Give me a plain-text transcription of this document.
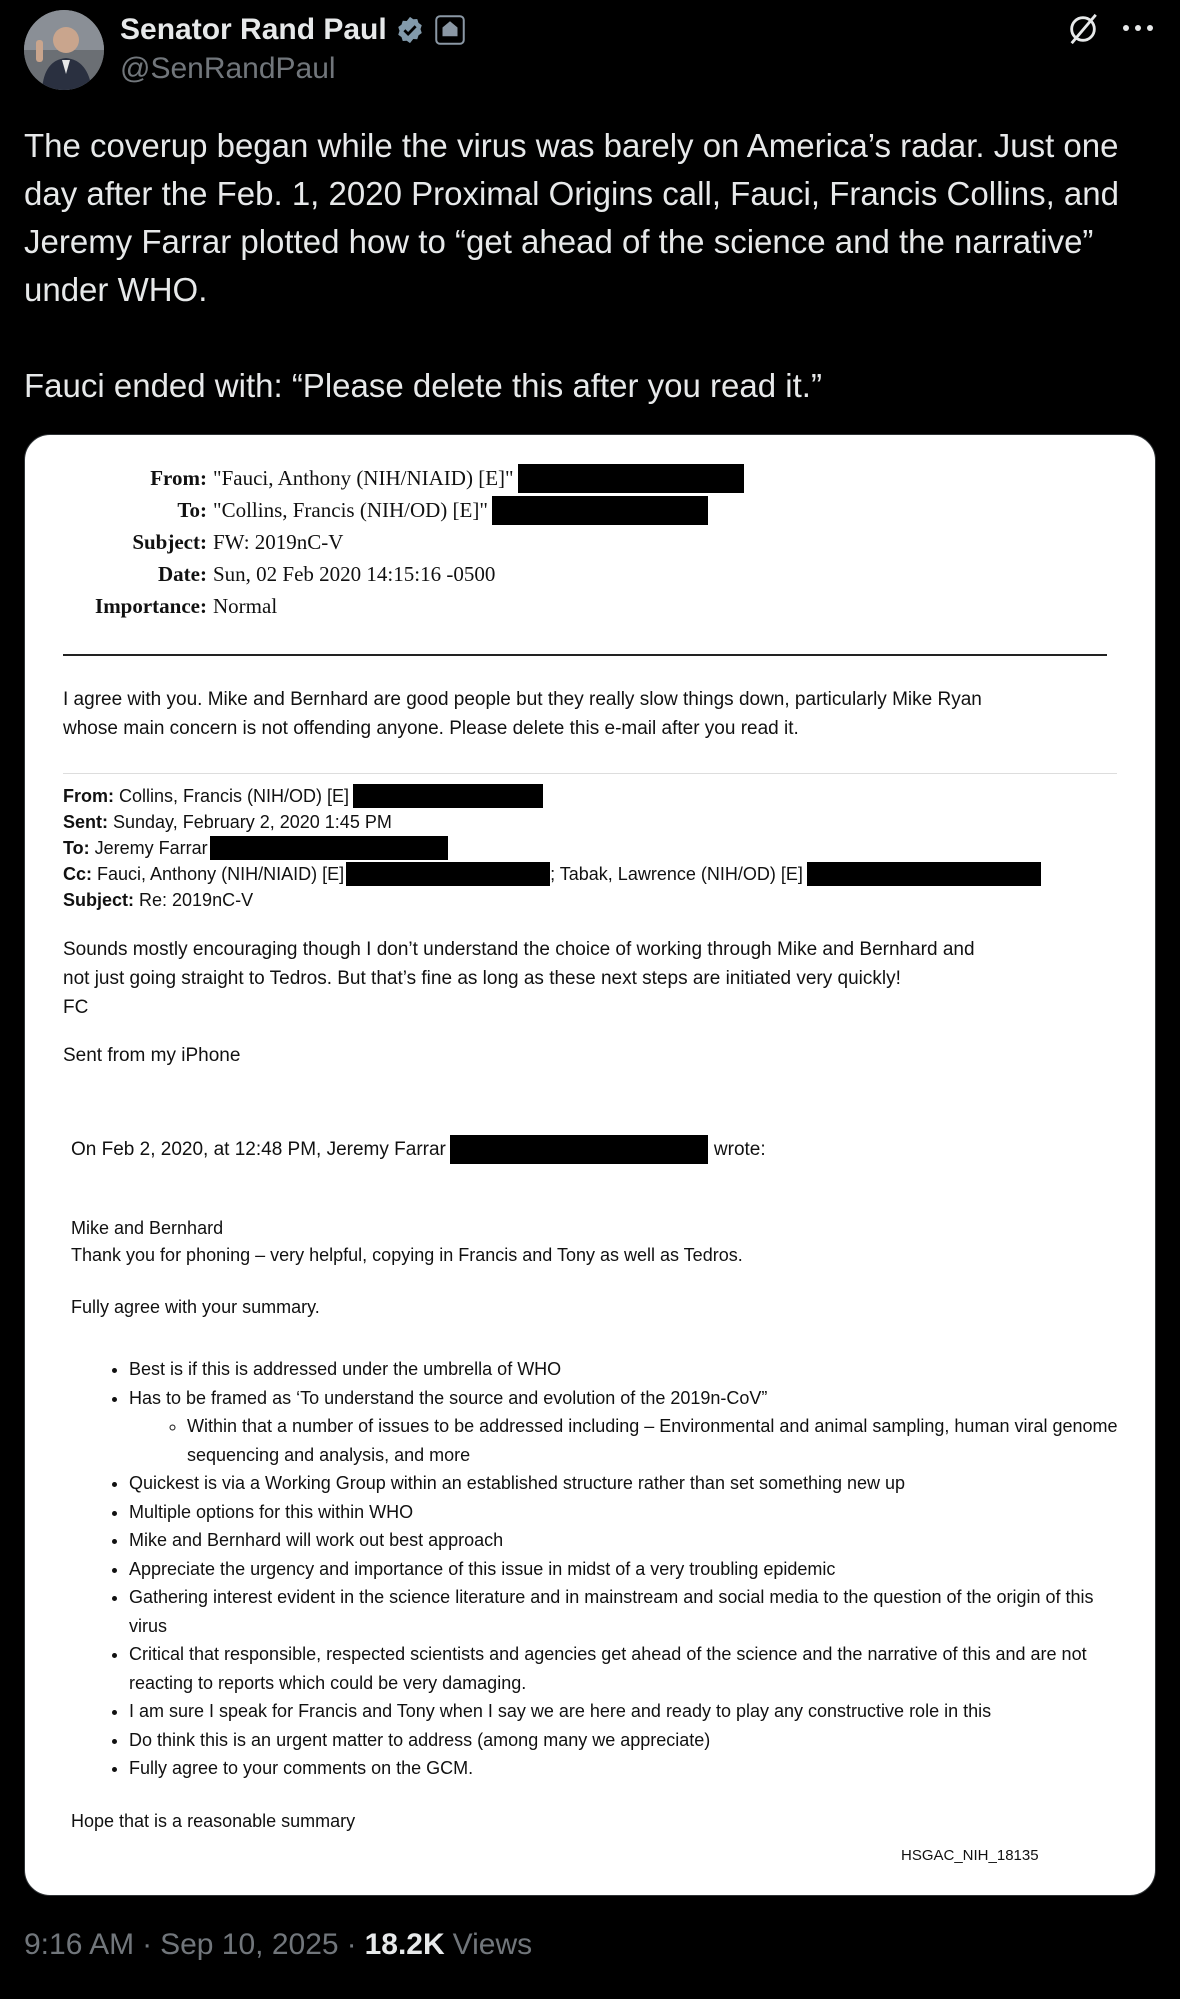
Senator Rand Paul
@SenRandPaul

The coverup began while the virus was barely on America’s radar. Just one day after the Feb. 1, 2020 Proximal Origins call, Fauci, Francis Collins, and Jeremy Farrar plotted how to “get ahead of the science and the narrative” under WHO.

Fauci ended with: “Please delete this after you read it.”

From: "Fauci, Anthony (NIH/NIAID) [E]"
To: "Collins, Francis (NIH/OD) [E]"
Subject: FW: 2019nC-V
Date: Sun, 02 Feb 2020 14:15:16 -0500
Importance: Normal
I agree with you. Mike and Bernhard are good people but they really slow things down, particularly Mike Ryan
whose main concern is not offending anyone. Please delete this e-mail after you read it.
From: Collins, Francis (NIH/OD) [E]
Sent: Sunday, February 2, 2020 1:45 PM
To: Jeremy Farrar
Cc: Fauci, Anthony (NIH/NIAID) [E]	; Tabak, Lawrence (NIH/OD) [E]
Subject: Re: 2019nC-V
Sounds mostly encouraging though I don’t understand the choice of working through Mike and Bernhard and
not just going straight to Tedros. But that’s fine as long as these next steps are initiated very quickly!
FC
Sent from my iPhone
On Feb 2, 2020, at 12:48 PM, Jeremy Farrar	wrote:
Mike and Bernhard
Thank you for phoning – very helpful, copying in Francis and Tony as well as Tedros.
Fully agree with your summary.
• Best is if this is addressed under the umbrella of WHO
• Has to be framed as ‘To understand the source and evolution of the 2019n-CoV”
◦ Within that a number of issues to be addressed including – Environmental and animal sampling, human viral genome sequencing and analysis, and more
• Quickest is via a Working Group within an established structure rather than set something new up
• Multiple options for this within WHO
• Mike and Bernhard will work out best approach
• Appreciate the urgency and importance of this issue in midst of a very troubling epidemic
• Gathering interest evident in the science literature and in mainstream and social media to the question of the origin of this virus
• Critical that responsible, respected scientists and agencies get ahead of the science and the narrative of this and are not reacting to reports which could be very damaging.
• I am sure I speak for Francis and Tony when I say we are here and ready to play any constructive role in this
• Do think this is an urgent matter to address (among many we appreciate)
• Fully agree to your comments on the GCM.
Hope that is a reasonable summary
HSGAC_NIH_18135
9:16 AM · Sep 10, 2025 · 18.2K Views
